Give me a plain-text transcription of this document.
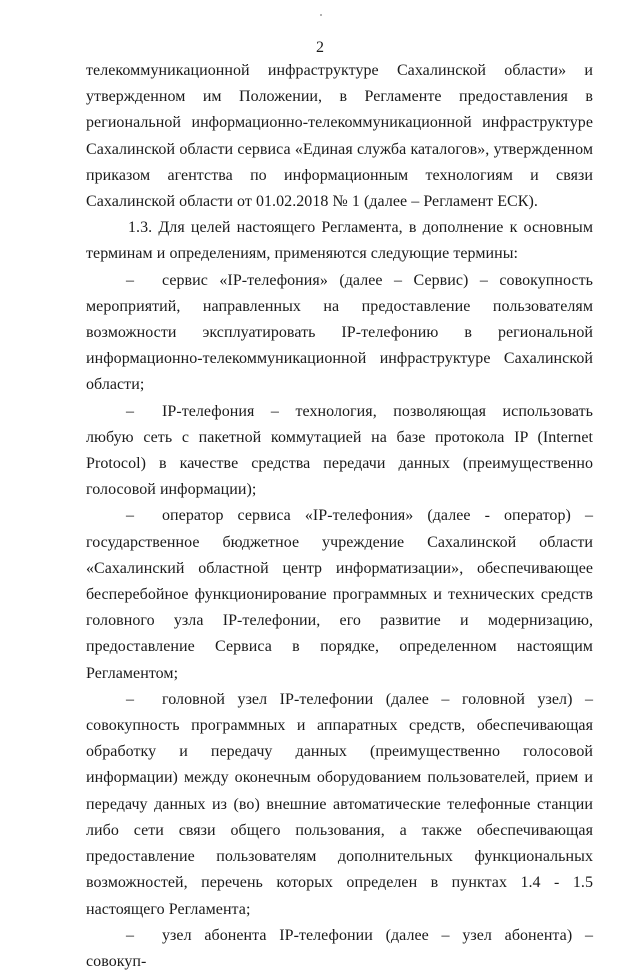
2

телекоммуникационной инфраструктуре Сахалинской области» и утвержденном им Положении, в Регламенте предоставления в региональной информационно-телекоммуникационной инфраструктуре Сахалинской области сервиса «Единая служба каталогов», утвержденном приказом агентства по информационным технологиям и связи Сахалинской области от 01.02.2018 № 1 (далее – Регламент ЕСК).

1.3. Для целей настоящего Регламента, в дополнение к основным терминам и определениям, применяются следующие термины:

– сервис «IP-телефония» (далее – Сервис) – совокупность мероприятий, направленных на предоставление пользователям возможности эксплуатировать IP-телефонию в региональной информационно-телекоммуникационной инфраструктуре Сахалинской области;

– IP-телефония – технология, позволяющая использовать любую сеть с пакетной коммутацией на базе протокола IP (Internet Protocol) в качестве средства передачи данных (преимущественно голосовой информации);

– оператор сервиса «IP-телефония» (далее - оператор) – государственное бюджетное учреждение Сахалинской области «Сахалинский областной центр информатизации», обеспечивающее бесперебойное функционирование программных и технических средств головного узла IP-телефонии, его развитие и модернизацию, предоставление Сервиса в порядке, определенном настоящим Регламентом;

– головной узел IP-телефонии (далее – головной узел) – совокупность программных и аппаратных средств, обеспечивающая обработку и передачу данных (преимущественно голосовой информации) между оконечным оборудованием пользователей, прием и передачу данных из (во) внешние автоматические телефонные станции либо сети связи общего пользования, а также обеспечивающая предоставление пользователям дополнительных функциональных возможностей, перечень которых определен в пунктах 1.4 - 1.5 настоящего Регламента;

– узел абонента IP-телефонии (далее – узел абонента) – совокуп-
